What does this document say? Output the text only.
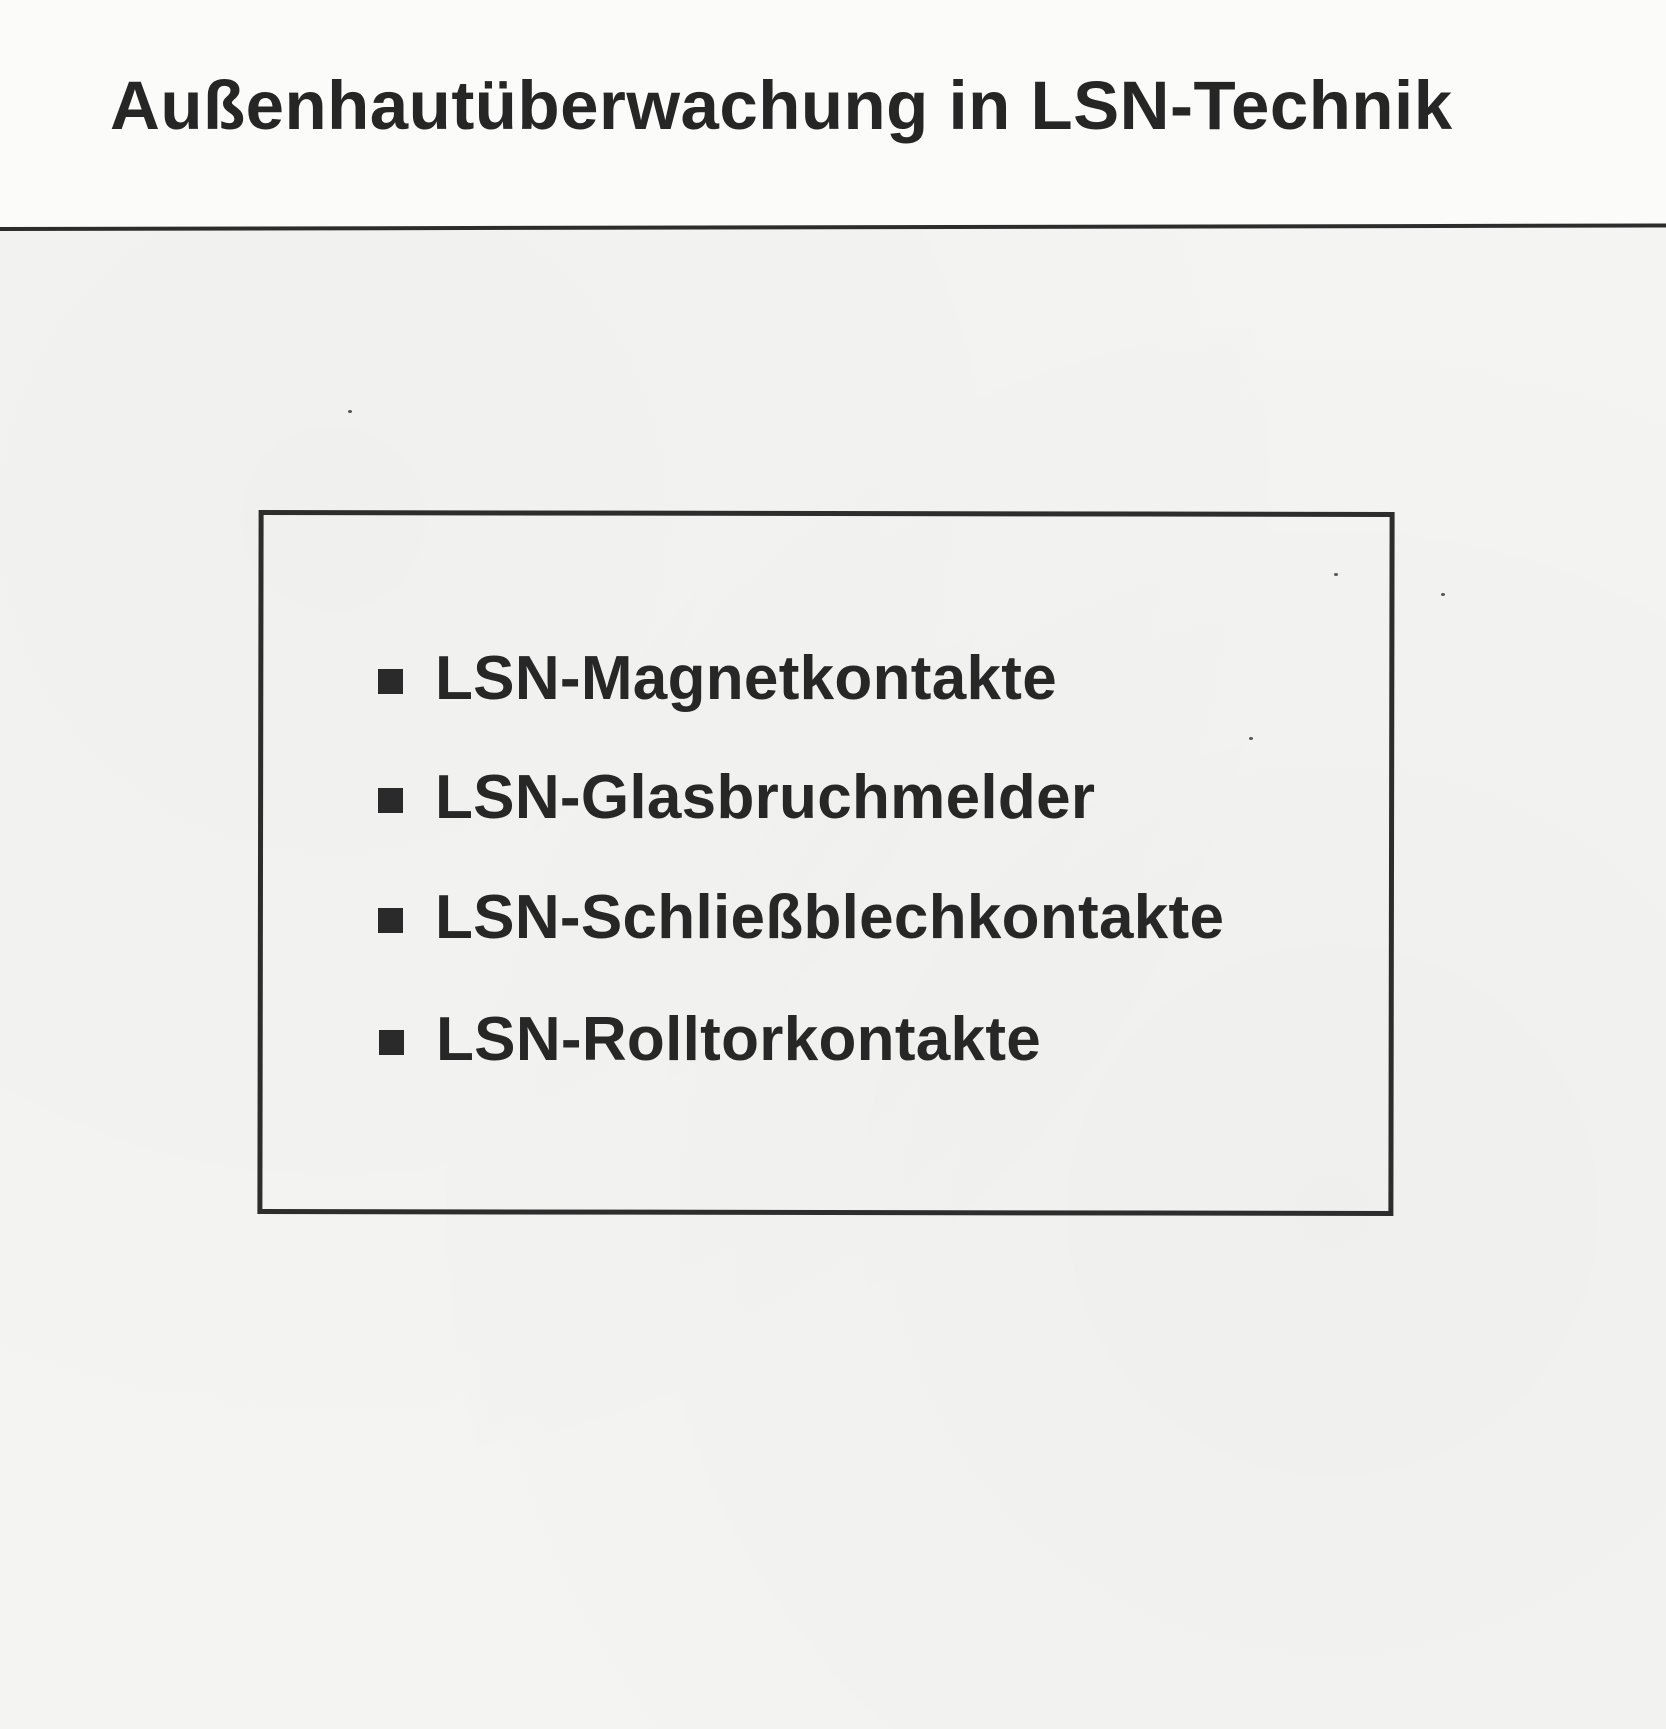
Außenhautüberwachung in LSN-Technik
LSN-Magnetkontakte
LSN-Glasbruchmelder
LSN-Schließblechkontakte
LSN-Rolltorkontakte
